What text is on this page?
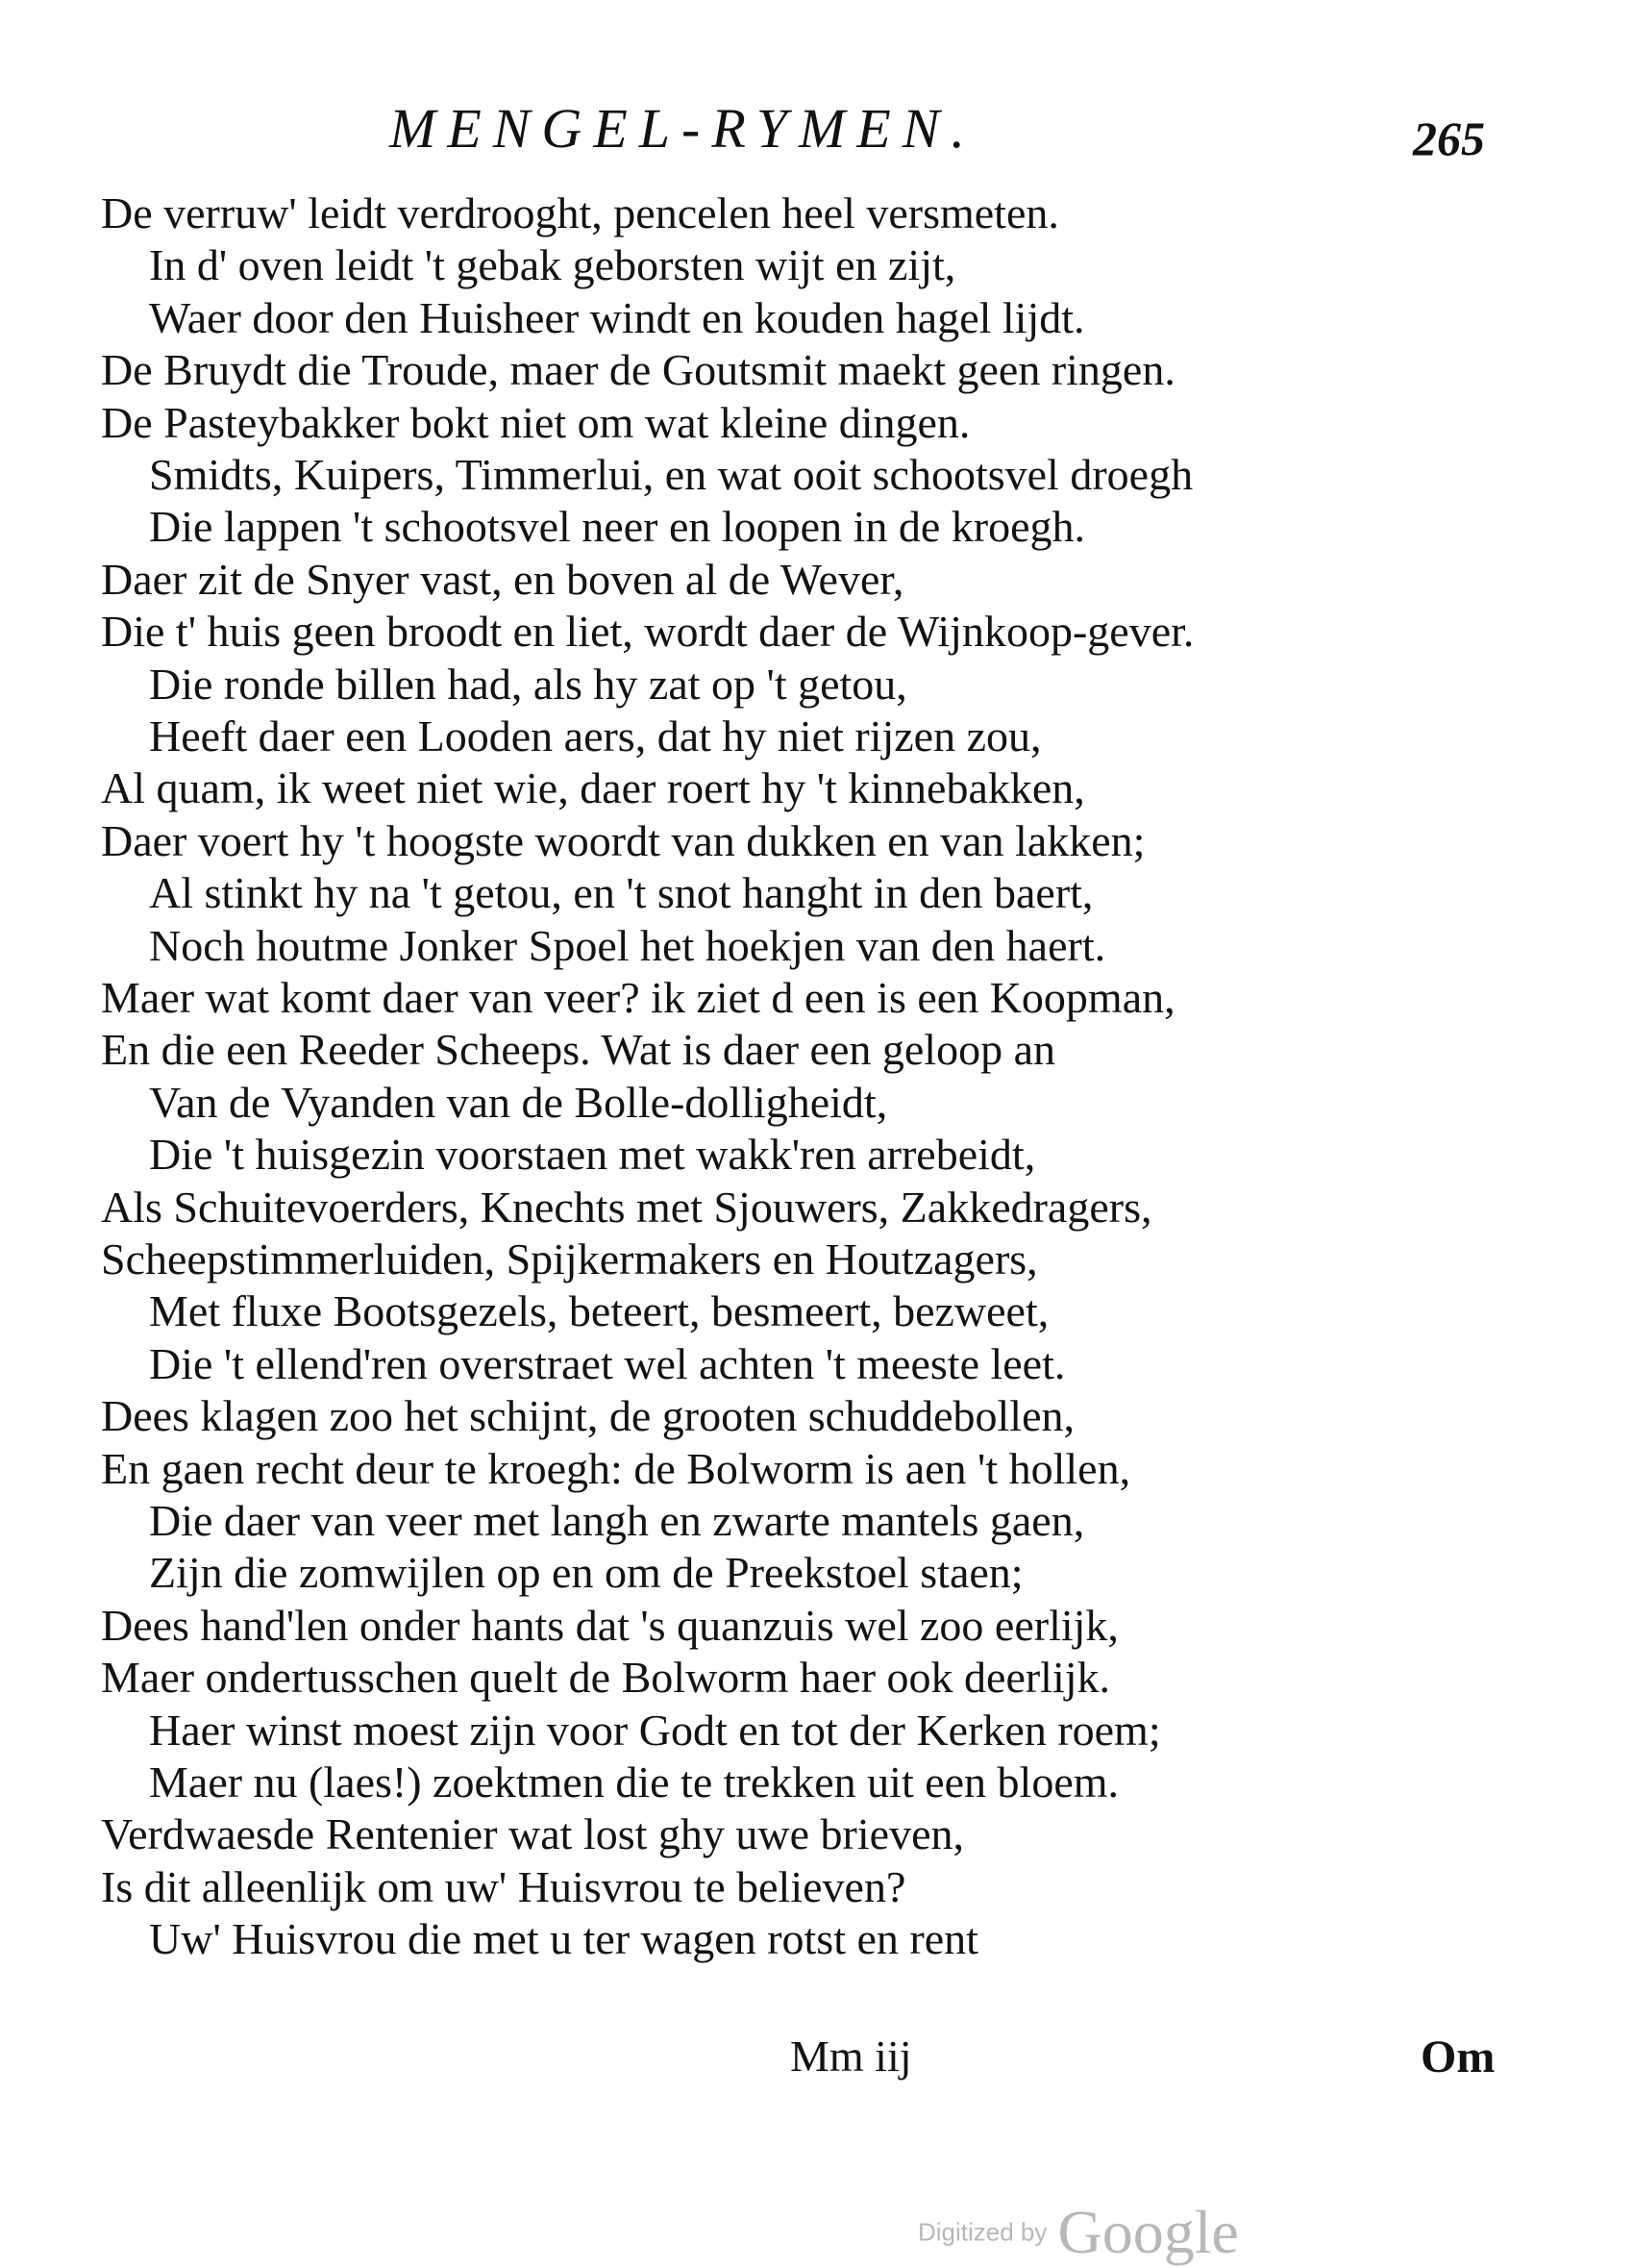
MENGEL-RYMEN.	265
De verruw' leidt verdrooght, pencelen heel versmeten.
In d' oven leidt 't gebak geborsten wijt en zijt,
Waer door den Huisheer windt en kouden hagel lijdt.
De Bruydt die Troude, maer de Goutsmit maekt geen ringen.
De Pasteybakker bokt niet om wat kleine dingen.
Smidts, Kuipers, Timmerlui, en wat ooit schootsvel droegh
Die lappen 't schootsvel neer en loopen in de kroegh.
Daer zit de Snyer vast, en boven al de Wever,
Die t' huis geen broodt en liet, wordt daer de Wijnkoop-gever.
Die ronde billen had, als hy zat op 't getou,
Heeft daer een Looden aers, dat hy niet rijzen zou,
Al quam, ik weet niet wie, daer roert hy 't kinnebakken,
Daer voert hy 't hoogste woordt van dukken en van lakken;
Al stinkt hy na 't getou, en 't snot hanght in den baert,
Noch houtme Jonker Spoel het hoekjen van den haert.
Maer wat komt daer van veer? ik ziet d een is een Koopman,
En die een Reeder Scheeps. Wat is daer een geloop an
Van de Vyanden van de Bolle-dolligheidt,
Die 't huisgezin voorstaen met wakk'ren arrebeidt,
Als Schuitevoerders, Knechts met Sjouwers, Zakkedragers,
Scheepstimmerluiden, Spijkermakers en Houtzagers,
Met fluxe Bootsgezels, beteert, besmeert, bezweet,
Die 't ellend'ren overstraet wel achten 't meeste leet.
Dees klagen zoo het schijnt, de grooten schuddebollen,
En gaen recht deur te kroegh: de Bolworm is aen 't hollen,
Die daer van veer met langh en zwarte mantels gaen,
Zijn die zomwijlen op en om de Preekstoel staen;
Dees hand'len onder hants dat 's quanzuis wel zoo eerlijk,
Maer ondertusschen quelt de Bolworm haer ook deerlijk.
Haer winst moest zijn voor Godt en tot der Kerken roem;
Maer nu (laes!) zoektmen die te trekken uit een bloem.
Verdwaesde Rentenier wat lost ghy uwe brieven,
Is dit alleenlijk om uw' Huisvrou te believen?
Uw' Huisvrou die met u ter wagen rotst en rent
Mm iij	Om
Digitized by Google
